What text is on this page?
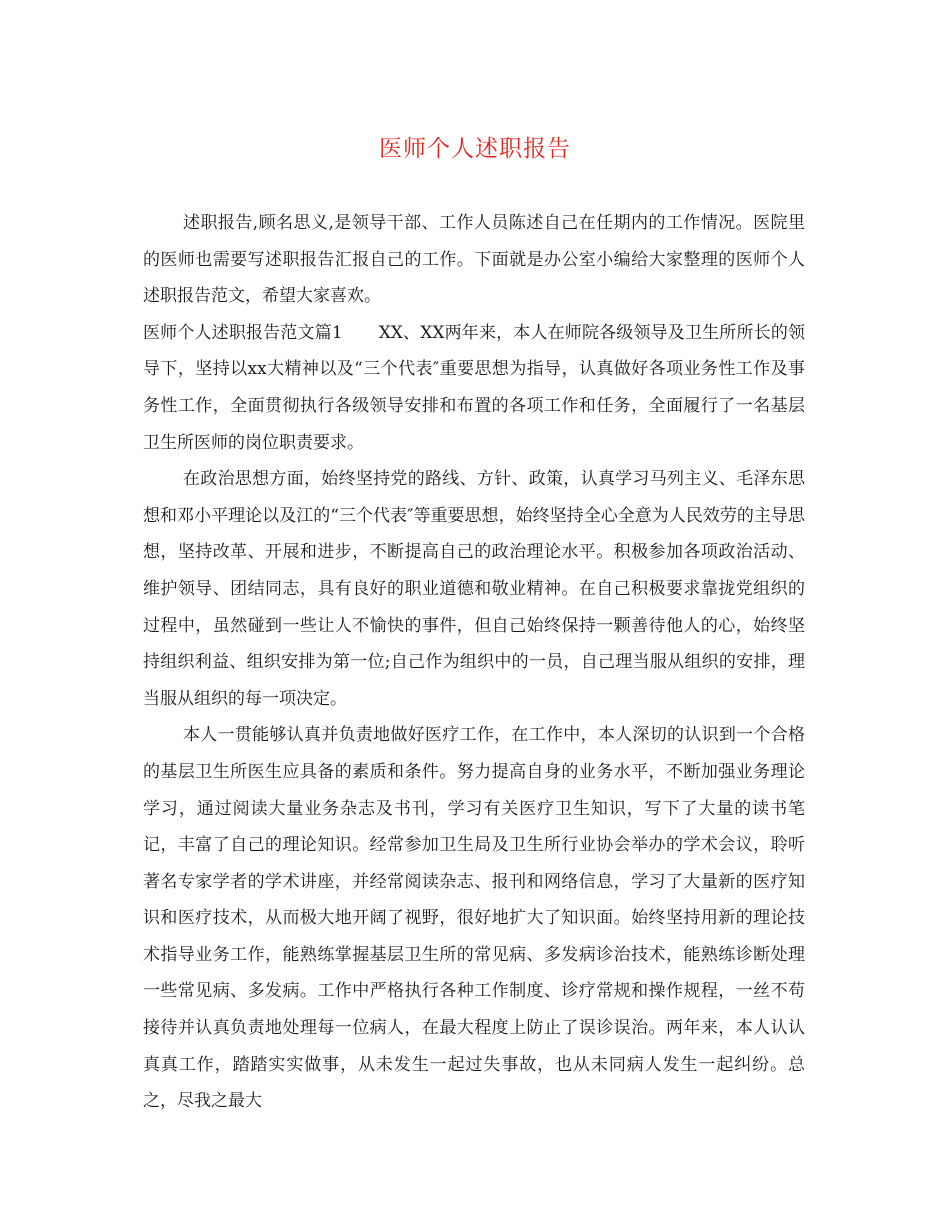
医师个人述职报告

述职报告,顾名思义,是领导干部、工作人员陈述自己在任期内的工作情况。医院里的医师也需要写述职报告汇报自己的工作。下面就是办公室小编给大家整理的医师个人述职报告范文，希望大家喜欢。

医师个人述职报告范文篇1 XX、XX两年来，本人在师院各级领导及卫生所所长的领导下，坚持以xx大精神以及“三个代表″重要思想为指导，认真做好各项业务性工作及事务性工作，全面贯彻执行各级领导安排和布置的各项工作和任务，全面履行了一名基层卫生所医师的岗位职责要求。

在政治思想方面，始终坚持党的路线、方针、政策，认真学习马列主义、毛泽东思想和邓小平理论以及江的“三个代表″等重要思想，始终坚持全心全意为人民效劳的主导思想，坚持改革、开展和进步，不断提高自己的政治理论水平。积极参加各项政治活动、维护领导、团结同志，具有良好的职业道德和敬业精神。在自己积极要求靠拢党组织的过程中，虽然碰到一些让人不愉快的事件，但自己始终保持一颗善待他人的心，始终坚持组织利益、组织安排为第一位;自己作为组织中的一员，自己理当服从组织的安排，理当服从组织的每一项决定。

本人一贯能够认真并负责地做好医疗工作，在工作中，本人深切的认识到一个合格的基层卫生所医生应具备的素质和条件。努力提高自身的业务水平，不断加强业务理论学习，通过阅读大量业务杂志及书刊，学习有关医疗卫生知识，写下了大量的读书笔记，丰富了自己的理论知识。经常参加卫生局及卫生所行业协会举办的学术会议，聆听著名专家学者的学术讲座，并经常阅读杂志、报刊和网络信息，学习了大量新的医疗知识和医疗技术，从而极大地开阔了视野，很好地扩大了知识面。始终坚持用新的理论技术指导业务工作，能熟练掌握基层卫生所的常见病、多发病诊治技术，能熟练诊断处理一些常见病、多发病。工作中严格执行各种工作制度、诊疗常规和操作规程，一丝不苟接待并认真负责地处理每一位病人，在最大程度上防止了误诊误治。两年来，本人认认真真工作，踏踏实实做事，从未发生一起过失事故，也从未同病人发生一起纠纷。总之，尽我之最大
